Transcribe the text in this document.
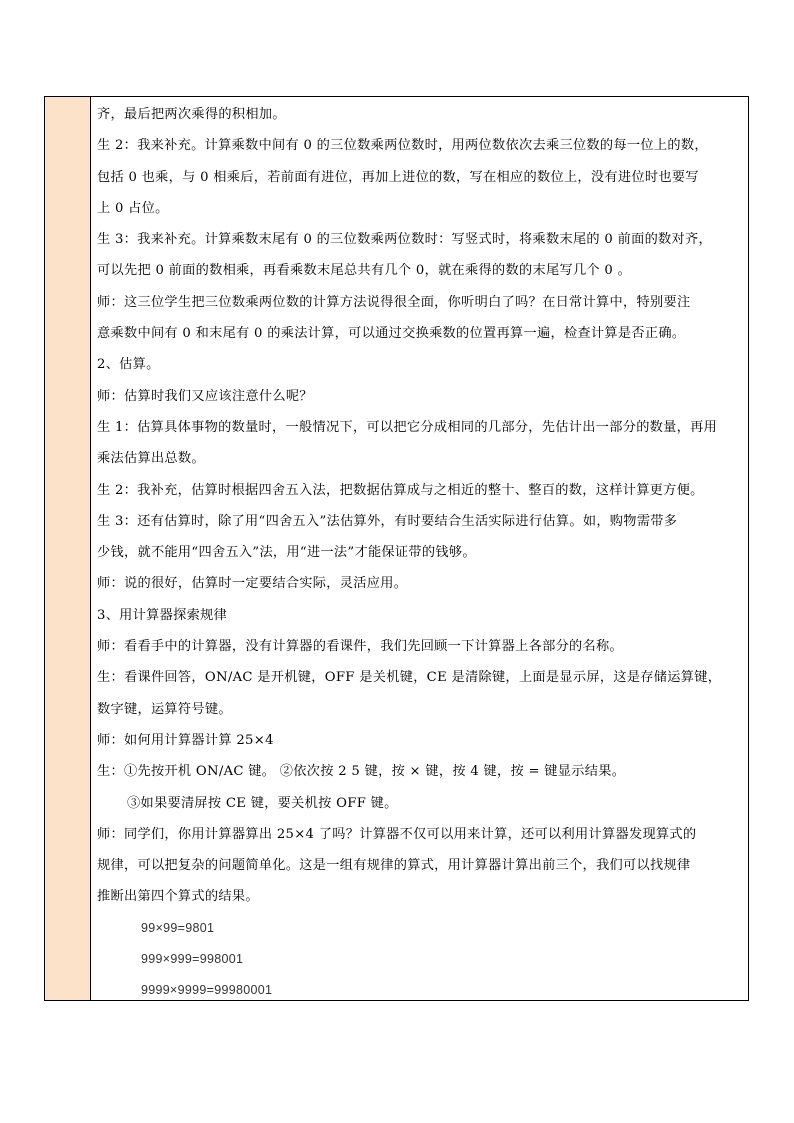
齐，最后把两次乘得的积相加。
生 2：我来补充。计算乘数中间有 0 的三位数乘两位数时，用两位数依次去乘三位数的每一位上的数，
包括 0 也乘，与 0 相乘后，若前面有进位，再加上进位的数，写在相应的数位上，没有进位时也要写
上 0 占位。
生 3：我来补充。计算乘数末尾有 0 的三位数乘两位数时：写竖式时，将乘数末尾的 0 前面的数对齐，
可以先把 0 前面的数相乘，再看乘数末尾总共有几个 0，就在乘得的数的末尾写几个 0 。
师：这三位学生把三位数乘两位数的计算方法说得很全面，你听明白了吗？在日常计算中，特别要注
意乘数中间有 0 和末尾有 0 的乘法计算，可以通过交换乘数的位置再算一遍，检查计算是否正确。
2、估算。
师：估算时我们又应该注意什么呢？
生 1：估算具体事物的数量时，一般情况下，可以把它分成相同的几部分，先估计出一部分的数量，再用
乘法估算出总数。
生 2：我补充，估算时根据四舍五入法，把数据估算成与之相近的整十、整百的数，这样计算更方便。
生 3：还有估算时，除了用“四舍五入”法估算外，有时要结合生活实际进行估算。如，购物需带多
少钱，就不能用“四舍五入”法，用“进一法”才能保证带的钱够。
师：说的很好，估算时一定要结合实际，灵活应用。
3、用计算器探索规律
师：看看手中的计算器，没有计算器的看课件，我们先回顾一下计算器上各部分的名称。
生：看课件回答，ON/AC 是开机键，OFF 是关机键，CE 是清除键，上面是显示屏，这是存储运算键，
数字键，运算符号键。
师：如何用计算器计算 25×4
生：①先按开机 ON/AC 键。 ②依次按 2 5 键，按 × 键，按 4 键，按 = 键显示结果。
③如果要清屏按 CE 键，要关机按 OFF 键。
师：同学们，你用计算器算出 25×4 了吗？计算器不仅可以用来计算，还可以利用计算器发现算式的
规律，可以把复杂的问题简单化。这是一组有规律的算式，用计算器计算出前三个，我们可以找规律
推断出第四个算式的结果。
99×99=9801
999×999=998001
9999×9999=99980001
